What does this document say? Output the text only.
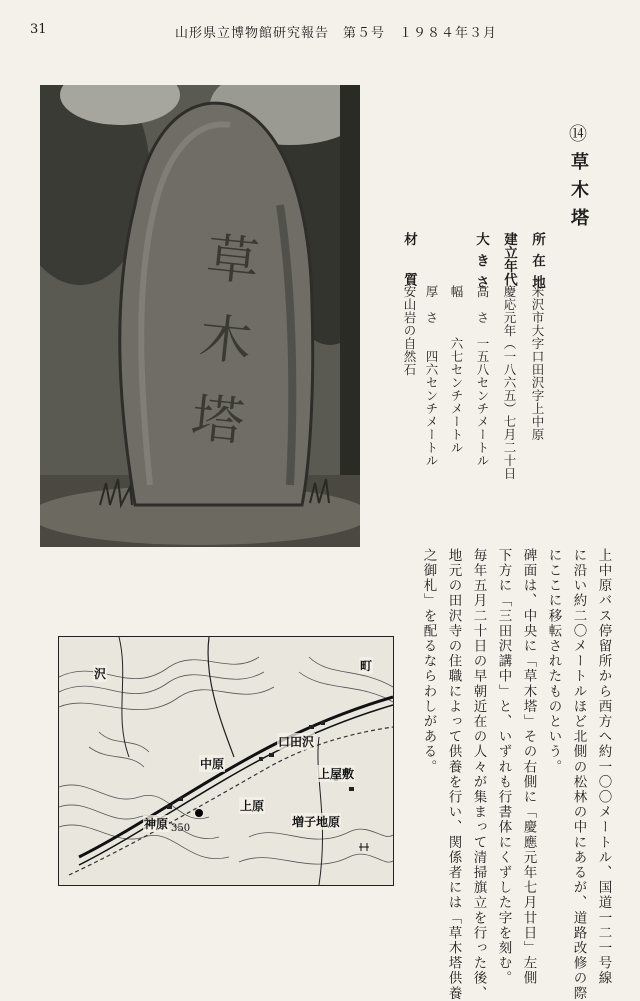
31	山形県立博物館研究報告　第５号　１９８４年３月
草
木
塔
⑭
草木塔
所在地
建立年代
大きさ
材　　質
米沢市大字口田沢字上中原
慶応元年（一八六五）七月二十日
高　さ　一五八センチメートル
幅　　　六七センチメートル
厚　さ　　四六センチメートル
安山岩の自然石
上中原バス停留所から西方へ約一〇〇メートル、国道一二一号線
に沿い約二〇メートルほど北側の松林の中にあるが、道路改修の際
にここに移転されたものという。
碑面は、中央に「草木塔」その右側に「慶應元年七月廿日」左側
下方に「三田沢講中」と、いずれも行書体にくずした字を刻む。
毎年五月二十日の早朝近在の人々が集まって清掃旗立を行った後、
地元の田沢寺の住職によって供養を行い、関係者には「草木塔供養
之御札」を配るならわしがある。
口田沢
中原
神原
上原
上屋敷
増子地原
沢
町
350
